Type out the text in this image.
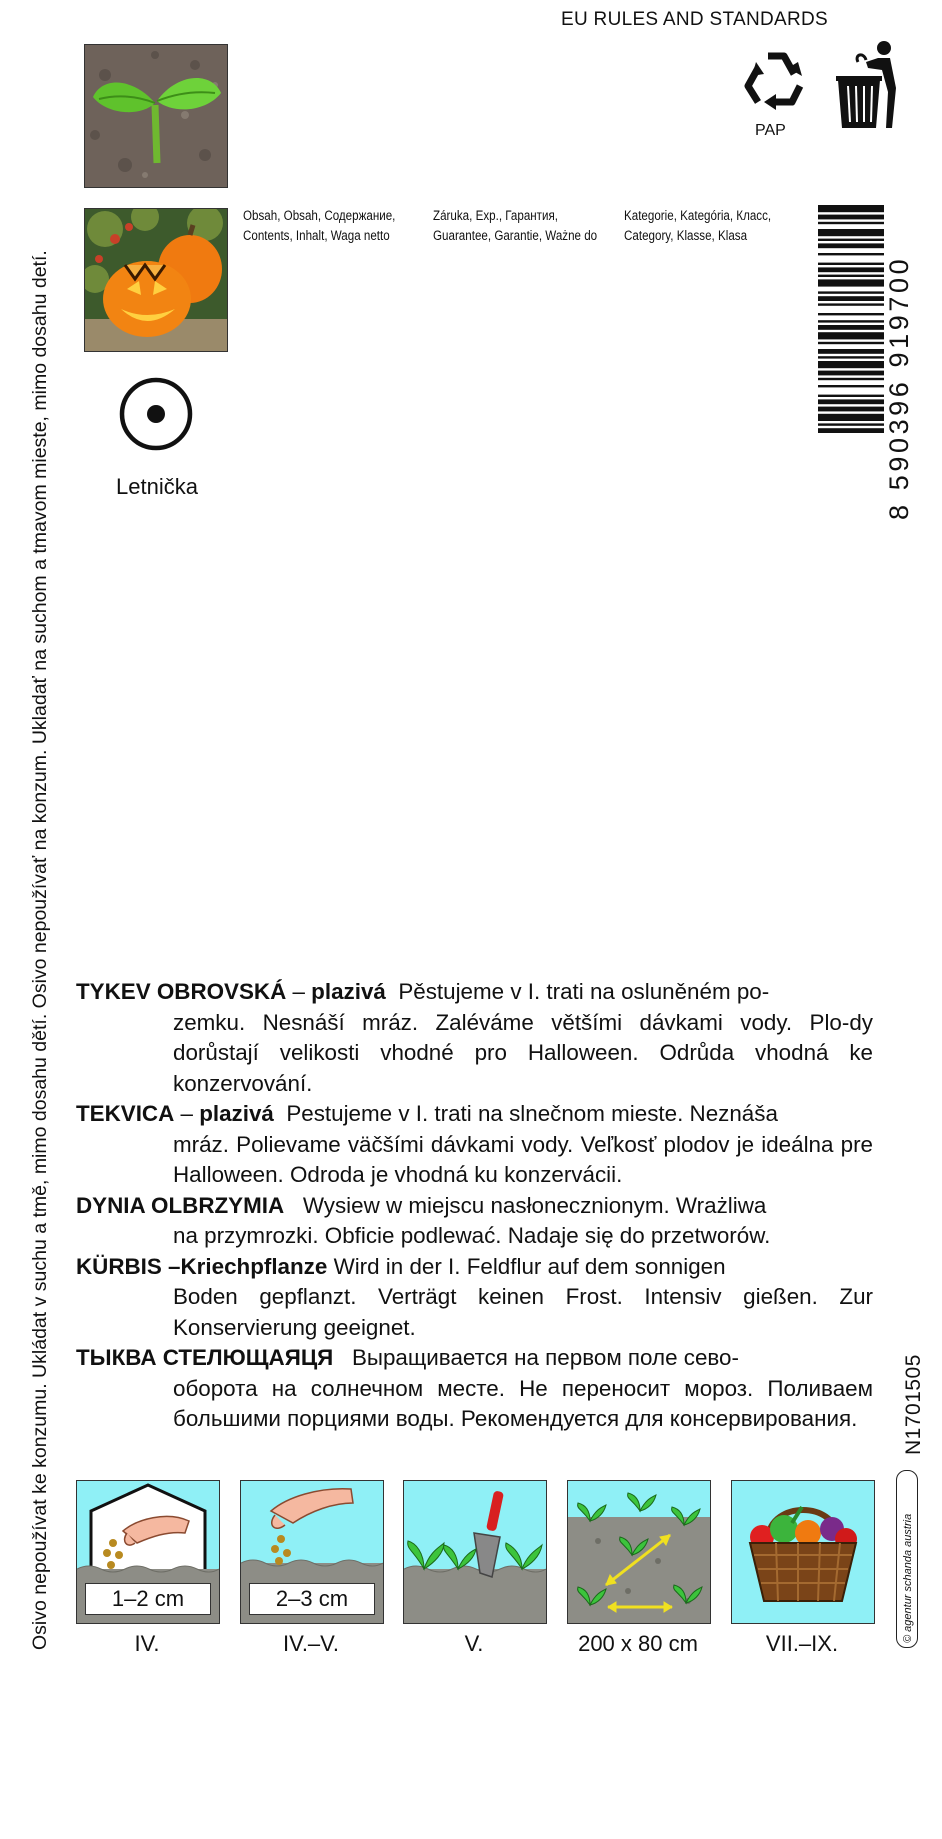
Osivo nepoužívat ke konzumu. Ukládat v suchu a tmě, mimo dosahu dětí. Osivo nepoužívať na konzum. Ukladať na suchom a tmavom mieste, mimo dosahu detí.
EU RULES AND STANDARDS
PAP
Letnička
Obsah, Obsah, Содержание,
Contents, Inhalt, Waga netto
Záruka, Exp., Гарантия,
Guarantee, Garantie, Ważne do
Kategorie, Kategória, Класс,
Category, Klasse, Klasa
8 590396 919700
TYKEV OBROVSKÁ – plazivá Pěstujeme v I. trati na osluněném po-
zemku. Nesnáší mráz. Zaléváme většími dávkami vody. Plo-dy dorůstají velikosti vhodné pro Halloween. Odrůda vhodná ke konzervování.
TEKVICA – plazivá Pestujeme v I. trati na slnečnom mieste. Neznáša
mráz. Polievame väčšími dávkami vody. Veľkosť plodov je ideálna pre Halloween. Odroda je vhodná ku konzervácii.
DYNIA OLBRZYMIA Wysiew w miejscu nasłonecznionym. Wrażliwa
na przymrozki. Obficie podlewać. Nadaje się do przetworów.
KÜRBIS –Kriechpflanze Wird in der I. Feldflur auf dem sonnigen
Boden gepflanzt. Verträgt keinen Frost. Intensiv gießen. Zur Konservierung geeignet.
ТЫКВА СТЕЛЮЩАЯЦЯ Выращивается на первом поле сево-
оборота на солнечном месте. Не переносит мороз. Поливаем большими порциями воды. Рекомендуется для консервирования.	N1701505
© agentur schanda austria
1–2 cm
IV.
2–3 cm
IV.–V.	V.	200 x 80 cm	VII.–IX.
